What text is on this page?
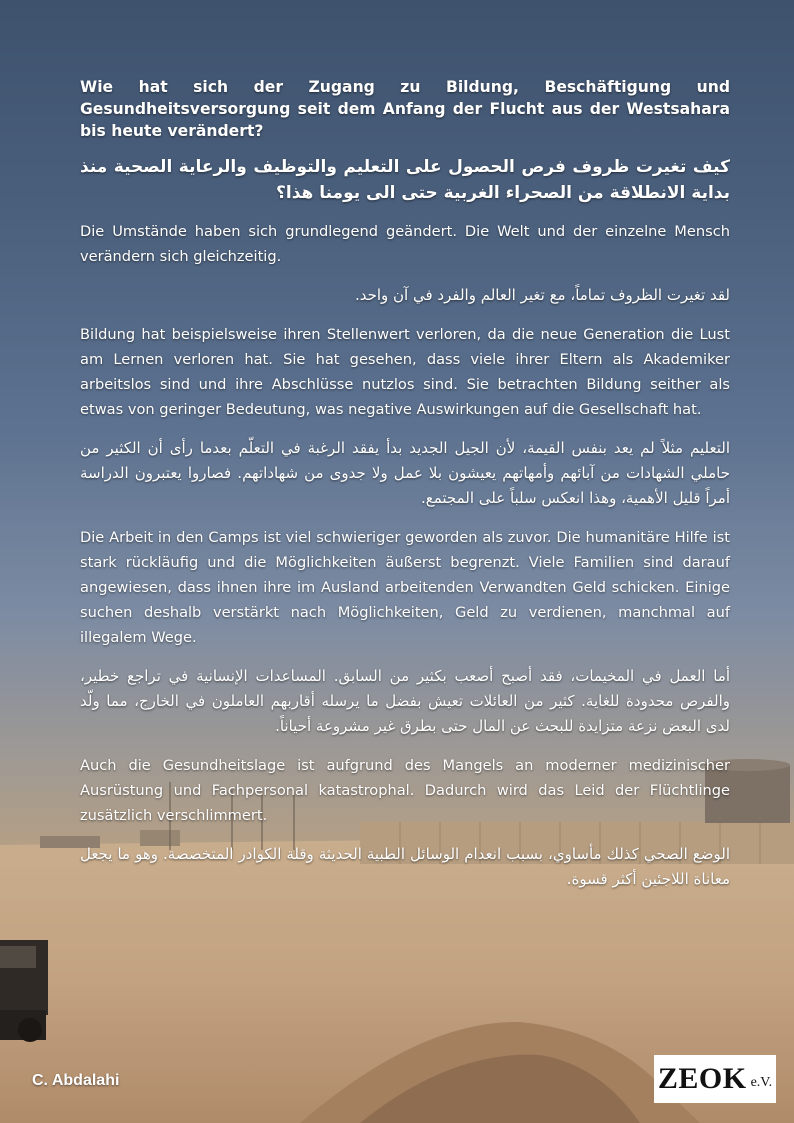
Wie hat sich der Zugang zu Bildung, Beschäftigung und Gesundheitsversorgung seit dem Anfang der Flucht aus der Westsahara bis heute verändert?

كيف تغيرت ظروف فرص الحصول على التعليم والتوظيف والرعاية الصحية منذ بداية الانطلاقة من الصحراء الغربية حتى الى يومنا هذا؟

Die Umstände haben sich grundlegend geändert. Die Welt und der einzelne Mensch verändern sich gleichzeitig.

لقد تغيرت الظروف تماماً، مع تغير العالم والفرد في آن واحد.

Bildung hat beispielsweise ihren Stellenwert verloren, da die neue Generation die Lust am Lernen verloren hat. Sie hat gesehen, dass viele ihrer Eltern als Akademiker arbeitslos sind und ihre Abschlüsse nutzlos sind. Sie betrachten Bildung seither als etwas von geringer Bedeutung, was negative Auswirkungen auf die Gesellschaft hat.

التعليم مثلاً لم يعد بنفس القيمة، لأن الجيل الجديد بدأ يفقد الرغبة في التعلّم بعدما رأى أن الكثير من حاملي الشهادات من آبائهم وأمهاتهم يعيشون بلا عمل ولا جدوى من شهاداتهم. فصاروا يعتبرون الدراسة أمراً قليل الأهمية، وهذا انعكس سلباً على المجتمع.

Die Arbeit in den Camps ist viel schwieriger geworden als zuvor. Die humanitäre Hilfe ist stark rückläufig und die Möglichkeiten äußerst begrenzt. Viele Familien sind darauf angewiesen, dass ihnen ihre im Ausland arbeitenden Verwandten Geld schicken. Einige suchen deshalb verstärkt nach Möglichkeiten, Geld zu verdienen, manchmal auf illegalem Wege.

أما العمل في المخيمات، فقد أصبح أصعب بكثير من السابق. المساعدات الإنسانية في تراجع خطير، والفرص محدودة للغاية. كثير من العائلات تعيش بفضل ما يرسله أقاربهم العاملون في الخارج، مما ولّد لدى البعض نزعة متزايدة للبحث عن المال حتى بطرق غير مشروعة أحياناً.

Auch die Gesundheitslage ist aufgrund des Mangels an moderner medizinischer Ausrüstung und Fachpersonal katastrophal. Dadurch wird das Leid der Flüchtlinge zusätzlich verschlimmert.

الوضع الصحي كذلك مأساوي، بسبب انعدام الوسائل الطبية الحديثة وقلة الكوادر المتخصصة. وهو ما يجعل معاناة اللاجئين أكثر قسوة.

C. Abdalahi	ZEOK e.V.
